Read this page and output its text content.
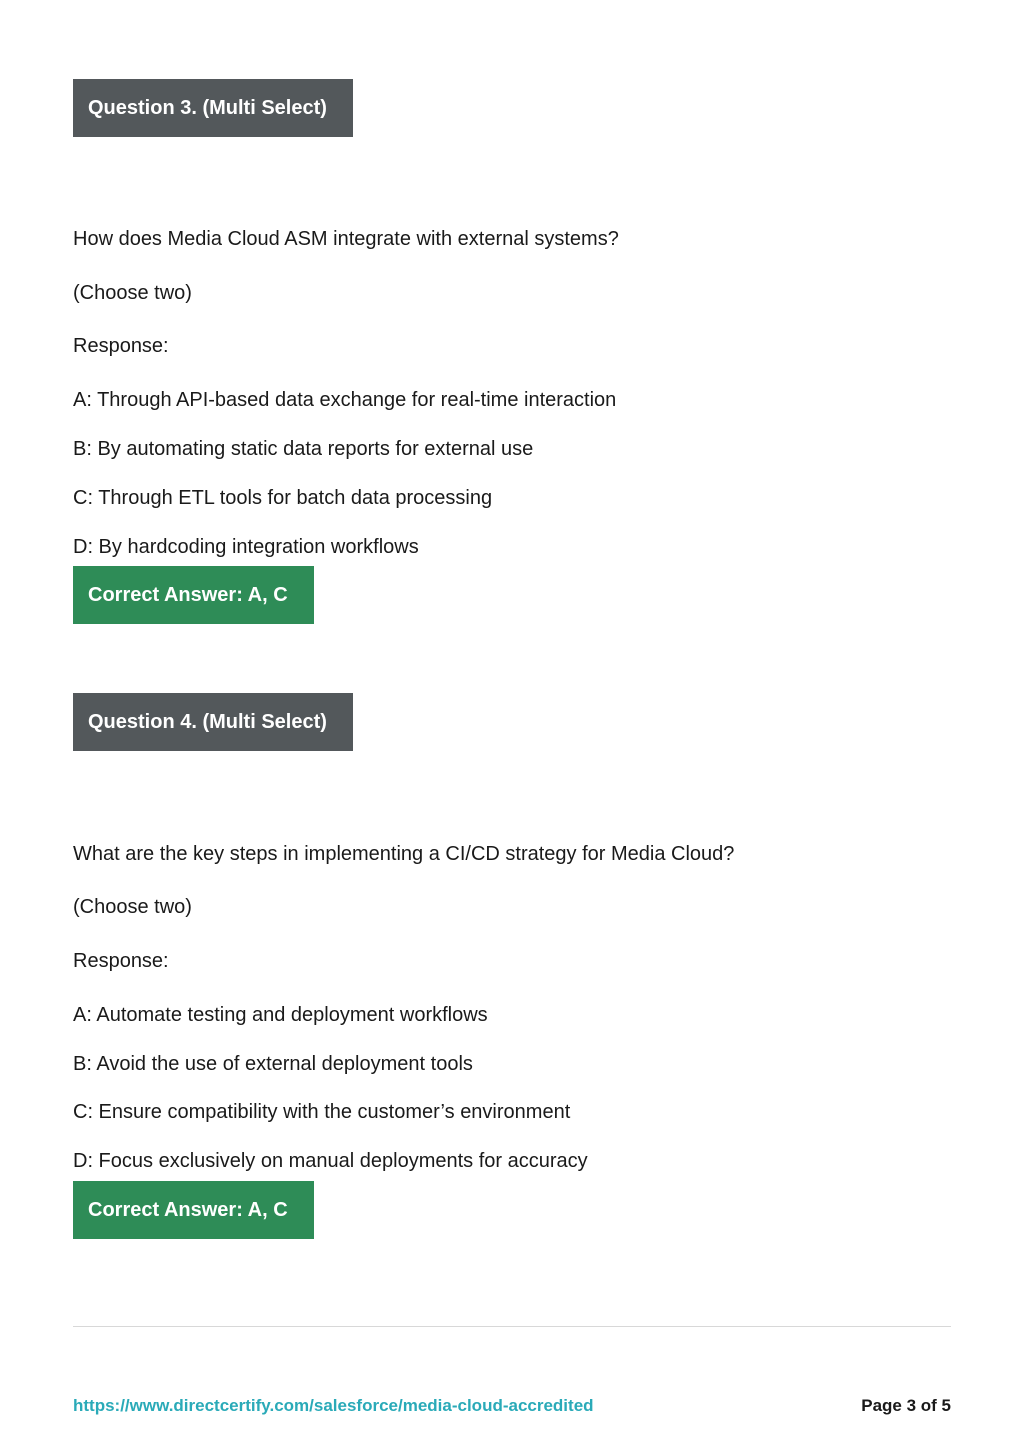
Question 3. (Multi Select)
How does Media Cloud ASM integrate with external systems?
(Choose two)
Response:
A: Through API-based data exchange for real-time interaction
B: By automating static data reports for external use
C: Through ETL tools for batch data processing
D: By hardcoding integration workflows
Correct Answer: A, C
Question 4. (Multi Select)
What are the key steps in implementing a CI/CD strategy for Media Cloud?
(Choose two)
Response:
A: Automate testing and deployment workflows
B: Avoid the use of external deployment tools
C: Ensure compatibility with the customer’s environment
D: Focus exclusively on manual deployments for accuracy
Correct Answer: A, C
https://www.directcertify.com/salesforce/media-cloud-accredited	Page 3 of 5
